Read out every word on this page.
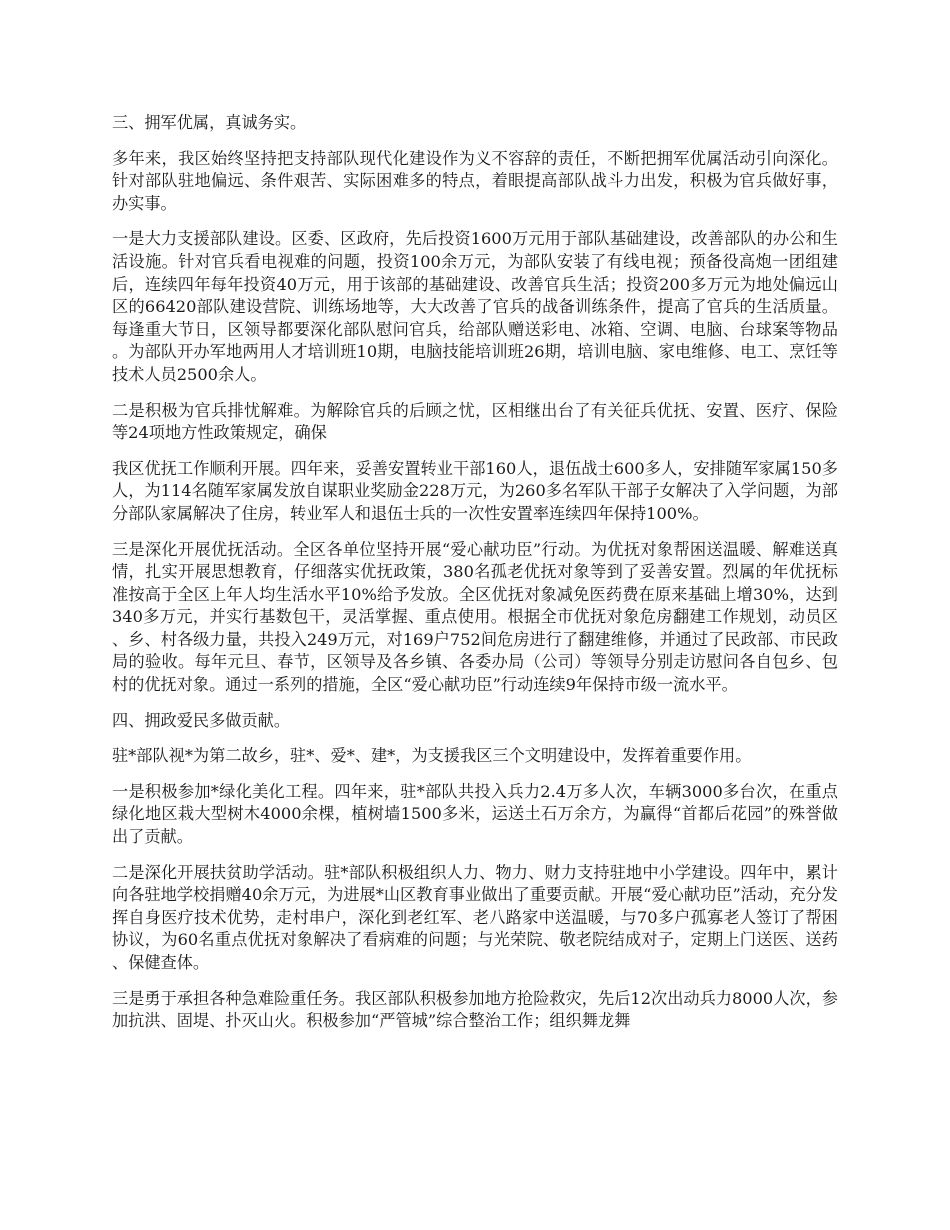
三、拥军优属，真诚务实。

多年来，我区始终坚持把支持部队现代化建设作为义不容辞的责任，不断把拥军优属活动引向深化。针对部队驻地偏远、条件艰苦、实际困难多的特点，着眼提高部队战斗力出发，积极为官兵做好事，办实事。

一是大力支援部队建设。区委、区政府，先后投资1600万元用于部队基础建设，改善部队的办公和生活设施。针对官兵看电视难的问题，投资100余万元，为部队安装了有线电视；预备役高炮一团组建后，连续四年每年投资40万元，用于该部的基础建设、改善官兵生活；投资200多万元为地处偏远山区的66420部队建设营院、训练场地等，大大改善了官兵的战备训练条件，提高了官兵的生活质量。每逢重大节日，区领导都要深化部队慰问官兵，给部队赠送彩电、冰箱、空调、电脑、台球案等物品。为部队开办军地两用人才培训班10期，电脑技能培训班26期，培训电脑、家电维修、电工、烹饪等技术人员2500余人。

二是积极为官兵排忧解难。为解除官兵的后顾之忧，区相继出台了有关征兵优抚、安置、医疗、保险等24项地方性政策规定，确保

我区优抚工作顺利开展。四年来，妥善安置转业干部160人，退伍战士600多人，安排随军家属150多人，为114名随军家属发放自谋职业奖励金228万元，为260多名军队干部子女解决了入学问题，为部分部队家属解决了住房，转业军人和退伍士兵的一次性安置率连续四年保持100%。

三是深化开展优抚活动。全区各单位坚持开展“爱心献功臣”行动。为优抚对象帮困送温暖、解难送真情，扎实开展思想教育，仔细落实优抚政策，380名孤老优抚对象等到了妥善安置。烈属的年优抚标准按高于全区上年人均生活水平10%给予发放。全区优抚对象减免医药费在原来基础上增30%，达到340多万元，并实行基数包干，灵活掌握、重点使用。根据全市优抚对象危房翻建工作规划，动员区、乡、村各级力量，共投入249万元，对169户752间危房进行了翻建维修，并通过了民政部、市民政局的验收。每年元旦、春节，区领导及各乡镇、各委办局（公司）等领导分别走访慰问各自包乡、包村的优抚对象。通过一系列的措施，全区“爱心献功臣”行动连续9年保持市级一流水平。

四、拥政爱民多做贡献。

驻*部队视*为第二故乡，驻*、爱*、建*，为支援我区三个文明建设中，发挥着重要作用。

一是积极参加*绿化美化工程。四年来，驻*部队共投入兵力2.4万多人次，车辆3000多台次，在重点绿化地区栽大型树木4000余棵，植树墙1500多米，运送土石万余方，为赢得“首都后花园”的殊誉做出了贡献。

二是深化开展扶贫助学活动。驻*部队积极组织人力、物力、财力支持驻地中小学建设。四年中，累计向各驻地学校捐赠40余万元，为进展*山区教育事业做出了重要贡献。开展“爱心献功臣”活动，充分发挥自身医疗技术优势，走村串户，深化到老红军、老八路家中送温暖，与70多户孤寡老人签订了帮困协议，为60名重点优抚对象解决了看病难的问题；与光荣院、敬老院结成对子，定期上门送医、送药、保健查体。

三是勇于承担各种急难险重任务。我区部队积极参加地方抢险救灾，先后12次出动兵力8000人次，参加抗洪、固堤、扑灭山火。积极参加“严管城”综合整治工作；组织舞龙舞
